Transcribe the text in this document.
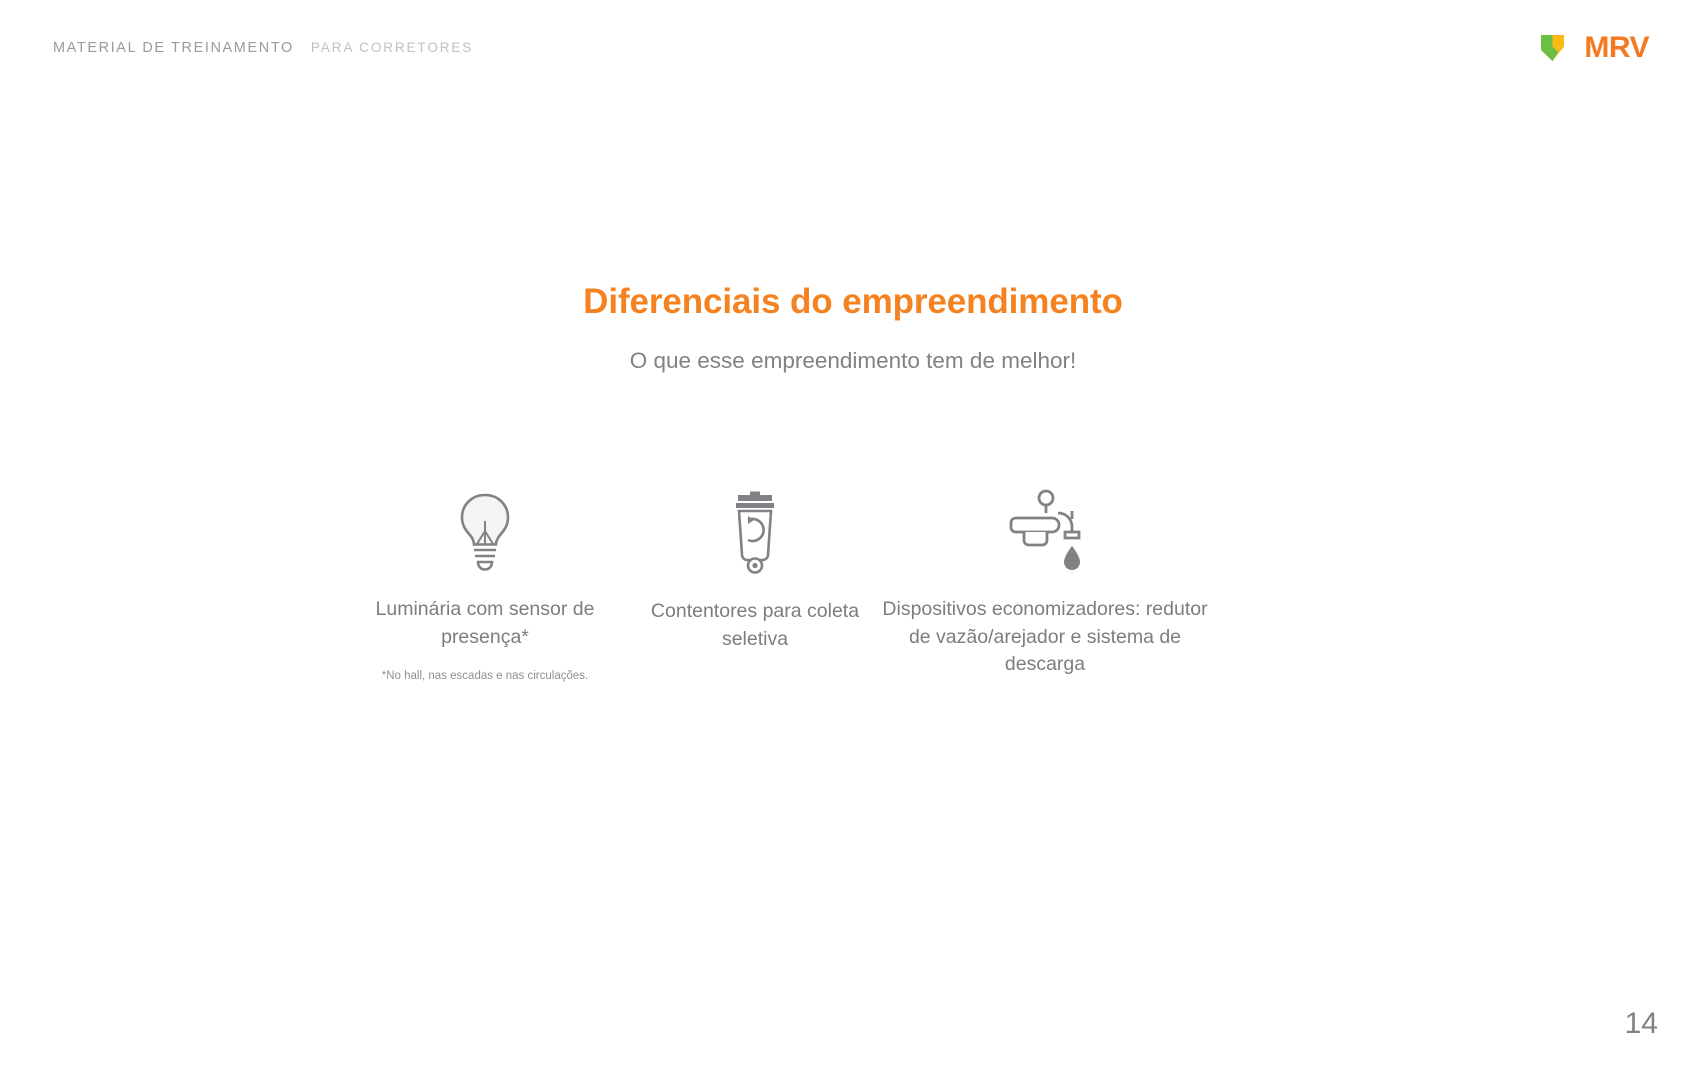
MATERIAL DE TREINAMENTO PARA CORRETORES	MRV
Diferenciais do empreendimento
O que esse empreendimento tem de melhor!
Luminária com sensor de presença*
*No hall, nas escadas e nas circulações.
Contentores para coleta seletiva
Dispositivos economizadores: redutor de vazão/arejador e sistema de descarga
14
